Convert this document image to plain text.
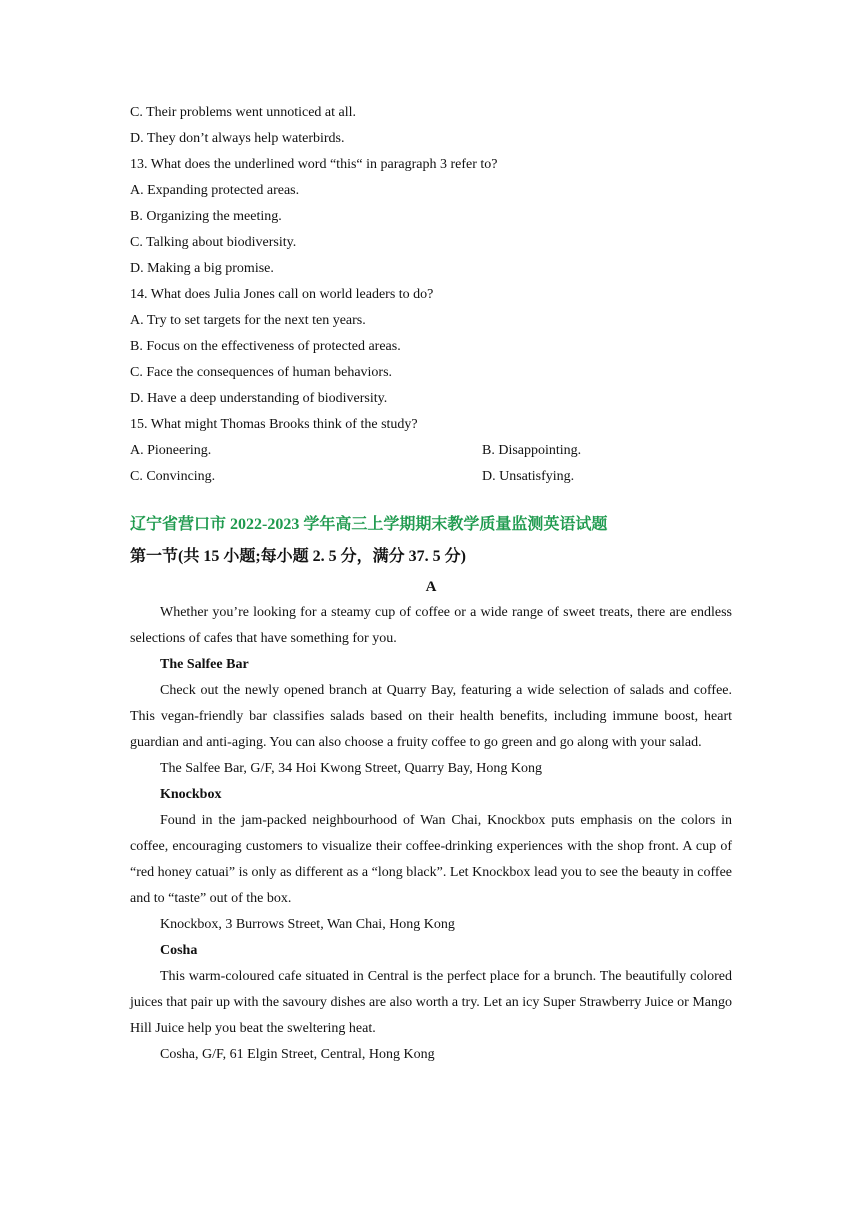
C. Their problems went unnoticed at all.

D. They don’t always help waterbirds.

13. What does the underlined word “this“ in paragraph 3 refer to?

A. Expanding protected areas.

B. Organizing the meeting.

C. Talking about biodiversity.

D. Making a big promise.

14. What does Julia Jones call on world leaders to do?

A. Try to set targets for the next ten years.

B. Focus on the effectiveness of protected areas.

C. Face the consequences of human behaviors.

D. Have a deep understanding of biodiversity.

15. What might Thomas Brooks think of the study?

A. Pioneering.	B. Disappointing.
C. Convincing.	D. Unsatisfying.

辽宁省营口市 2022-2023 学年高三上学期期末教学质量监测英语试题

第一节(共 15 小题;每小题 2. 5 分，满分 37. 5 分)

A

Whether you’re looking for a steamy cup of coffee or a wide range of sweet treats, there are endless selections of cafes that have something for you.

The Salfee Bar

Check out the newly opened branch at Quarry Bay, featuring a wide selection of salads and coffee. This vegan-friendly bar classifies salads based on their health benefits, including immune boost, heart guardian and anti-aging. You can also choose a fruity coffee to go green and go along with your salad.

The Salfee Bar, G/F, 34 Hoi Kwong Street, Quarry Bay, Hong Kong

Knockbox

Found in the jam-packed neighbourhood of Wan Chai, Knockbox puts emphasis on the colors in coffee, encouraging customers to visualize their coffee-drinking experiences with the shop front. A cup of “red honey catuai” is only as different as a “long black”. Let Knockbox lead you to see the beauty in coffee and to “taste” out of the box.

Knockbox, 3 Burrows Street, Wan Chai, Hong Kong

Cosha

This warm-coloured cafe situated in Central is the perfect place for a brunch. The beautifully colored juices that pair up with the savoury dishes are also worth a try. Let an icy Super Strawberry Juice or Mango Hill Juice help you beat the sweltering heat.

Cosha, G/F, 61 Elgin Street, Central, Hong Kong
